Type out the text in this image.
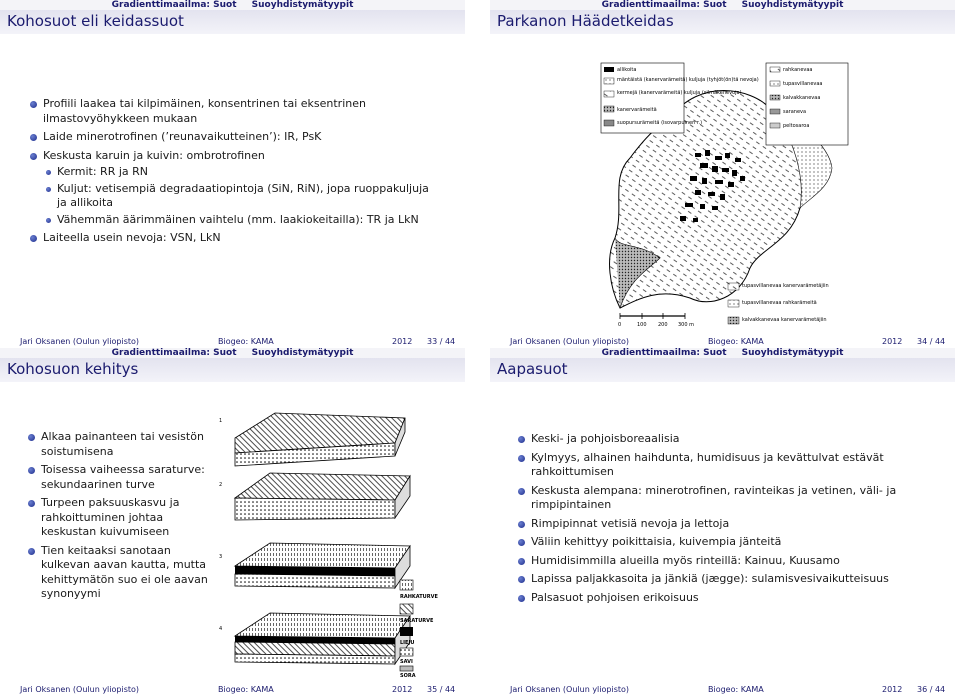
Gradienttimaailma: Suot Suoyhdistymätyypit
Kohosuot eli keidassuot
Profiili laakea tai kilpimäinen, konsentrinen tai eksentrinen ilmastovyöhykkeen mukaan
Laide minerotrofinen (’reunavaikutteinen’): IR, PsK
Keskusta karuin ja kuivin: ombrotrofinen
Kermit: RR ja RN
Kuljut: vetisempiä degradaatiopintoja (SiN, RiN), jopa ruoppakuljuja ja allikoita
Vähemmän äärimmäinen vaihtelu (mm. laakiokeitailla): TR ja LkN
Laiteella usein nevoja: VSN, LkN
Jari Oksanen (Oulun yliopisto)	Biogeo: KAMA	2012 33 / 44
Gradienttimaailma: Suot Suoyhdistymätyypit
Parkanon Häädetkeidas
allikoita
mäntäistä (kanervarämeitä) kuljuja (tyhjöt(ön)tä nevoja)
kermejä (kanervarämeitä) kuljuja (silmäkenevoja)
kanervarämeitä
suopursurämeitä (isovarpuinen r.)
rahkanevaa
tupasvillanevaa
kalvakkanevaa
saraneva
peltosaroa
tupasvillanevaa kanervarämetäjiin
tupasvillanevaa rahkarämeitä
kalvakkanevaa kanervarämetäjiin
0	100 200 300 m
Jari Oksanen (Oulun yliopisto)	Biogeo: KAMA	2012 34 / 44
Gradienttimaailma: Suot Suoyhdistymätyypit
Kohosuon kehitys
Alkaa painanteen tai vesistön soistumisena
Toisessa vaiheessa saraturve: sekundaarinen turve
Turpeen paksuuskasvu ja rahkoittuminen johtaa keskustan kuivumiseen
Tien keitaaksi sanotaan kulkevan aavan kautta, mutta kehittymätön suo ei ole aavan synonyymi
1
2
3
4
RAHKATURVE
SARATURVE
LIEJU
SAVI
SORA
Jari Oksanen (Oulun yliopisto)	Biogeo: KAMA	2012 35 / 44
Gradienttimaailma: Suot Suoyhdistymätyypit
Aapasuot
Keski- ja pohjoisboreaalisia
Kylmyys, alhainen haihdunta, humidisuus ja kevättulvat estävät rahkoittumisen
Keskusta alempana: minerotrofinen, ravinteikas ja vetinen, väli- ja rimpipintainen
Rimpipinnat vetisiä nevoja ja lettoja
Väliin kehittyy poikittaisia, kuivempia jänteitä
Humidisimmilla alueilla myös rinteillä: Kainuu, Kuusamo
Lapissa paljakkasoita ja jänkiä (jægge): sulamisvesivaikutteisuus
Palsasuot pohjoisen erikoisuus
Jari Oksanen (Oulun yliopisto)	Biogeo: KAMA	2012 36 / 44
